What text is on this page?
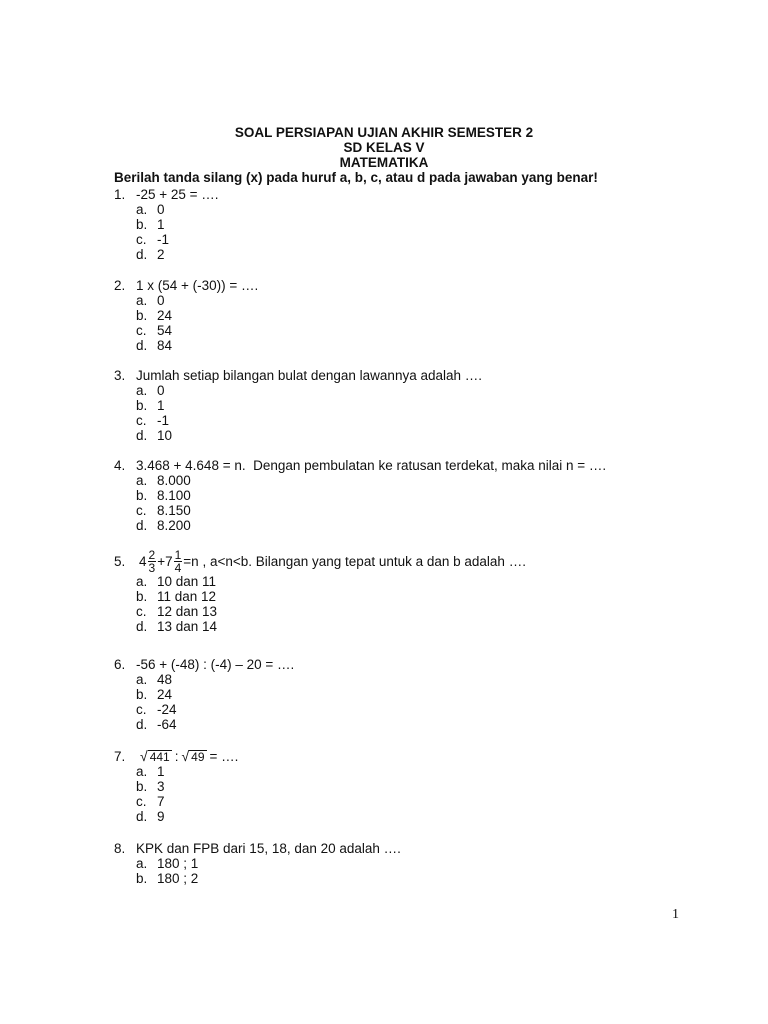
SOAL PERSIAPAN UJIAN AKHIR SEMESTER 2
SD KELAS V
MATEMATIKA
Berilah tanda silang (x) pada huruf a, b, c, atau d pada jawaban yang benar!
1. -25 + 25 = ….
a. 0
b. 1
c. -1
d. 2
2. 1 x (54 + (-30)) = ….
a. 0
b. 24
c. 54
d. 84
3. Jumlah setiap bilangan bulat dengan lawannya adalah ….
a. 0
b. 1
c. -1
d. 10
4. 3.468 + 4.648 = n.  Dengan pembulatan ke ratusan terdekat, maka nilai n = ….
a. 8.000
b. 8.100
c. 8.150
d. 8.200
5.	$4 \frac{2}{3} + 7 \frac{1}{4} =n$ , a<n<b. Bilangan yang tepat untuk a dan b adalah ….
a. 10 dan 11
b. 11 dan 12
c. 12 dan 13
d. 13 dan 14
6. -56 + (-48) : (-4) – 20 = ….
a. 48
b. 24
c. -24
d. -64
7.	√ 441 : √ 49 = ….
a. 1
b. 3
c. 7
d. 9
8. KPK dan FPB dari 15, 18, dan 20 adalah ….
a. 180 ; 1
b. 180 ; 2
1
